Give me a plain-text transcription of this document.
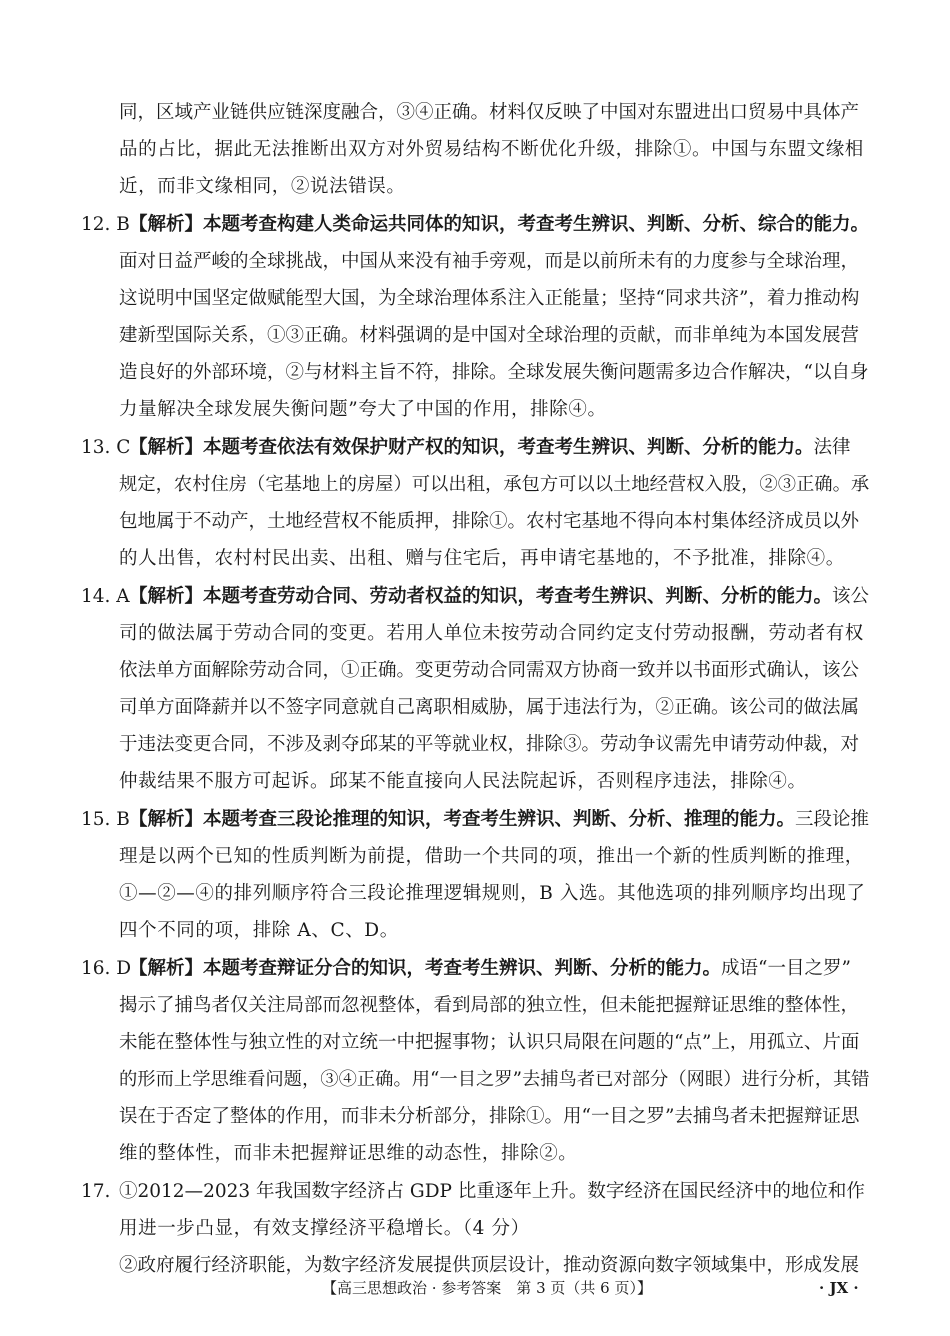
同，区域产业链供应链深度融合，③④正确。材料仅反映了中国对东盟进出口贸易中具体产
品的占比，据此无法推断出双方对外贸易结构不断优化升级，排除①。中国与东盟文缘相
近，而非文缘相同，②说法错误。
12. B【解析】本题考查构建人类命运共同体的知识，考查考生辨识、判断、分析、综合的能力。
面对日益严峻的全球挑战，中国从来没有袖手旁观，而是以前所未有的力度参与全球治理，
这说明中国坚定做赋能型大国，为全球治理体系注入正能量；坚持“同求共济”，着力推动构
建新型国际关系，①③正确。材料强调的是中国对全球治理的贡献，而非单纯为本国发展营
造良好的外部环境，②与材料主旨不符，排除。全球发展失衡问题需多边合作解决，“以自身
力量解决全球发展失衡问题”夸大了中国的作用，排除④。
13. C【解析】本题考查依法有效保护财产权的知识，考查考生辨识、判断、分析的能力。法律
规定，农村住房（宅基地上的房屋）可以出租，承包方可以以土地经营权入股，②③正确。承
包地属于不动产，土地经营权不能质押，排除①。农村宅基地不得向本村集体经济成员以外
的人出售，农村村民出卖、出租、赠与住宅后，再申请宅基地的，不予批准，排除④。
14. A【解析】本题考查劳动合同、劳动者权益的知识，考查考生辨识、判断、分析的能力。该公
司的做法属于劳动合同的变更。若用人单位未按劳动合同约定支付劳动报酬，劳动者有权
依法单方面解除劳动合同，①正确。变更劳动合同需双方协商一致并以书面形式确认，该公
司单方面降薪并以不签字同意就自己离职相威胁，属于违法行为，②正确。该公司的做法属
于违法变更合同，不涉及剥夺邱某的平等就业权，排除③。劳动争议需先申请劳动仲裁，对
仲裁结果不服方可起诉。邱某不能直接向人民法院起诉，否则程序违法，排除④。
15. B【解析】本题考查三段论推理的知识，考查考生辨识、判断、分析、推理的能力。三段论推
理是以两个已知的性质判断为前提，借助一个共同的项，推出一个新的性质判断的推理，
①—②—④的排列顺序符合三段论推理逻辑规则，B 入选。其他选项的排列顺序均出现了
四个不同的项，排除 A、C、D。
16. D【解析】本题考查辩证分合的知识，考查考生辨识、判断、分析的能力。成语“一目之罗”
揭示了捕鸟者仅关注局部而忽视整体，看到局部的独立性，但未能把握辩证思维的整体性，
未能在整体性与独立性的对立统一中把握事物；认识只局限在问题的“点”上，用孤立、片面
的形而上学思维看问题，③④正确。用“一目之罗”去捕鸟者已对部分（网眼）进行分析，其错
误在于否定了整体的作用，而非未分析部分，排除①。用“一目之罗”去捕鸟者未把握辩证思
维的整体性，而非未把握辩证思维的动态性，排除②。
17. ①2012—2023 年我国数字经济占 GDP 比重逐年上升。数字经济在国民经济中的地位和作
用进一步凸显，有效支撑经济平稳增长。（4 分）
②政府履行经济职能，为数字经济发展提供顶层设计，推动资源向数字领域集中，形成发展
【高三思想政治 · 参考答案　第 3 页（共 6 页）】	· JX ·
